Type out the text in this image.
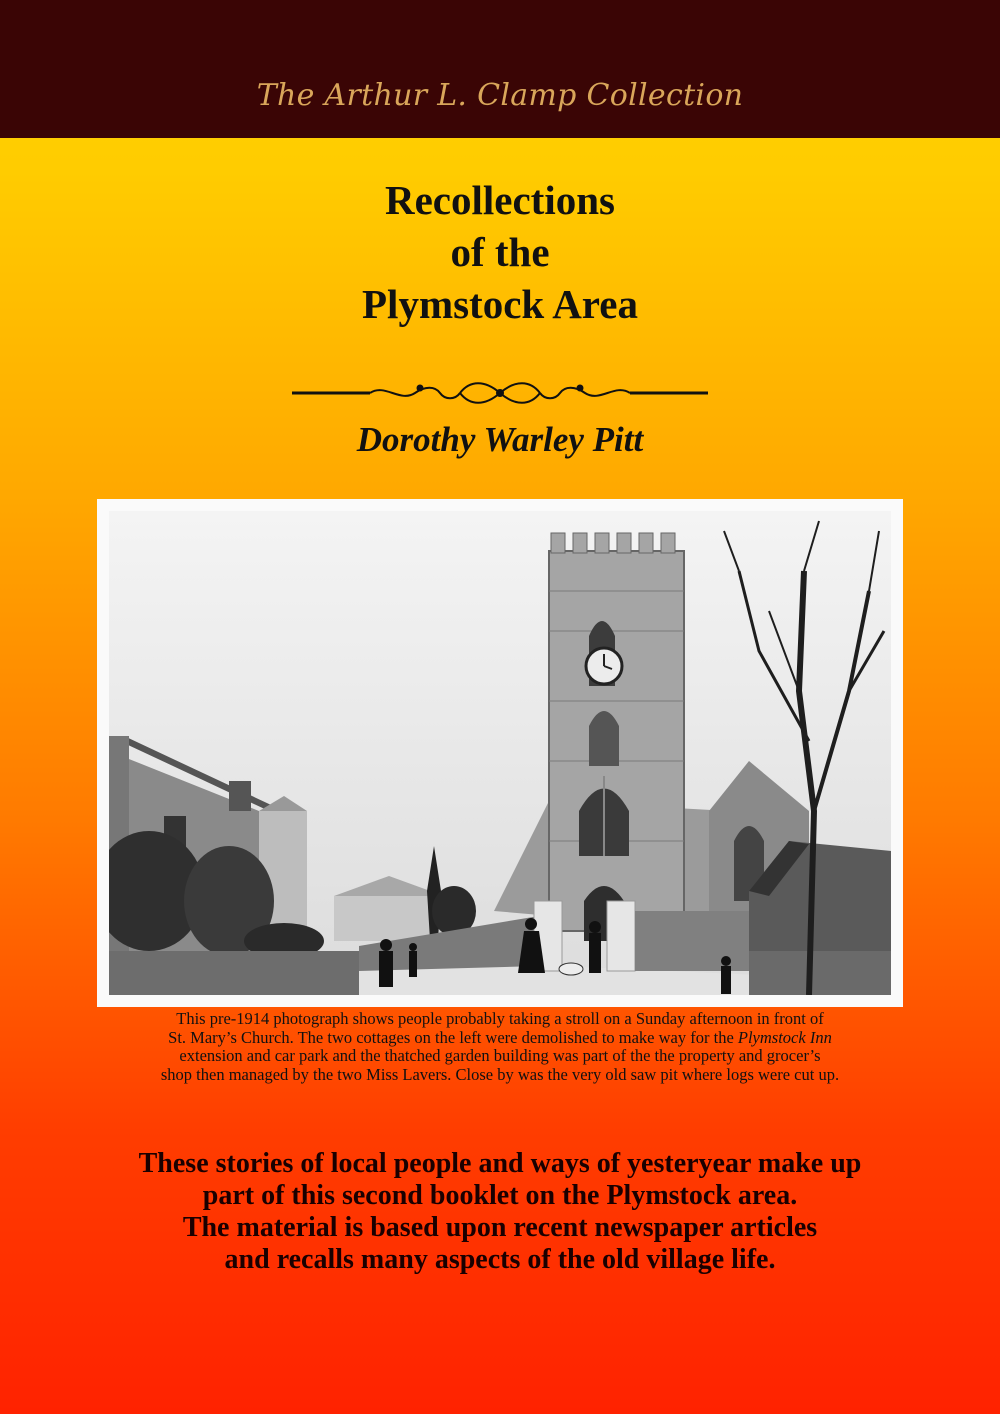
The Arthur L. Clamp Collection
Recollections
of the
Plymstock Area
Dorothy Warley Pitt
This pre-1914 photograph shows people probably taking a stroll on a Sunday afternoon in front of
St. Mary’s Church. The two cottages on the left were demolished to make way for the Plymstock Inn
extension and car park and the thatched garden building was part of the the property and grocer’s
shop then managed by the two Miss Lavers. Close by was the very old saw pit where logs were cut up.
These stories of local people and ways of yesteryear make up
part of this second booklet on the Plymstock area.
The material is based upon recent newspaper articles
and recalls many aspects of the old village life.
